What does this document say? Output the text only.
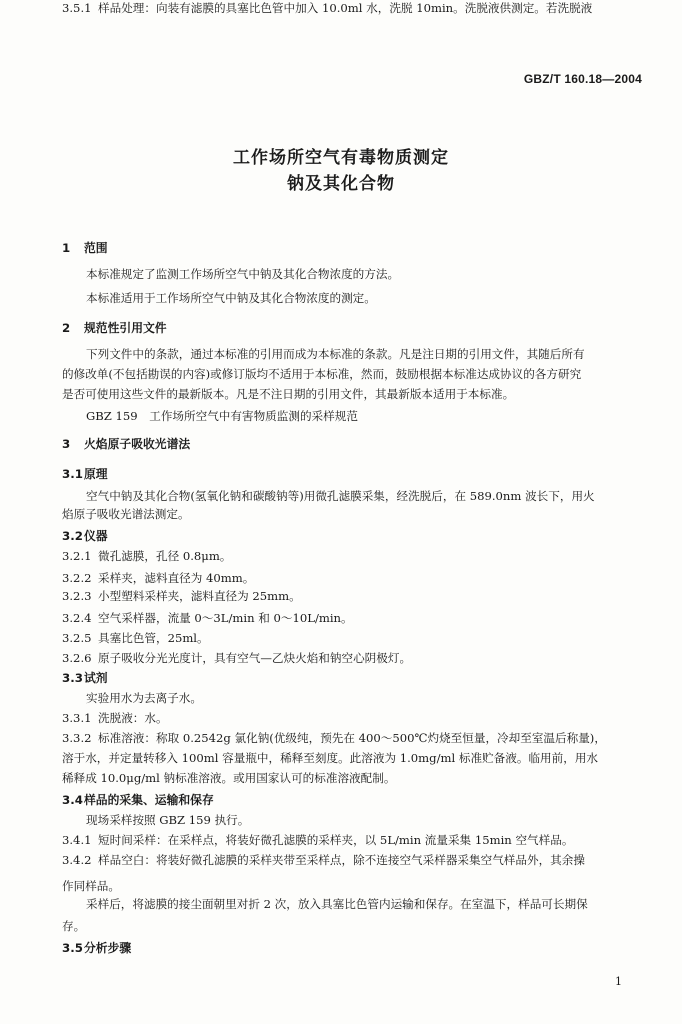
GBZ/T 160.18—2004
工作场所空气有毒物质测定
钠及其化合物
1 范围
本标准规定了监测工作场所空气中钠及其化合物浓度的方法。
本标准适用于工作场所空气中钠及其化合物浓度的测定。
2 规范性引用文件
下列文件中的条款，通过本标准的引用而成为本标准的条款。凡是注日期的引用文件，其随后所有
的修改单(不包括勘误的内容)或修订版均不适用于本标准，然而，鼓励根据本标准达成协议的各方研究
是否可使用这些文件的最新版本。凡是不注日期的引用文件，其最新版本适用于本标准。
GBZ 159　工作场所空气中有害物质监测的采样规范
3 火焰原子吸收光谱法
3.1原理
空气中钠及其化合物(氢氧化钠和碳酸钠等)用微孔滤膜采集，经洗脱后，在 589.0nm 波长下，用火
焰原子吸收光谱法测定。
3.2仪器
3.2.1 微孔滤膜，孔径 0.8μm。
3.2.2 采样夹，滤料直径为 40mm。
3.2.3 小型塑料采样夹，滤料直径为 25mm。
3.2.4 空气采样器，流量 0～3L/min 和 0～10L/min。
3.2.5 具塞比色管，25ml。
3.2.6 原子吸收分光光度计，具有空气—乙炔火焰和钠空心阴极灯。
3.3试剂
实验用水为去离子水。
3.3.1 洗脱液：水。
3.3.2 标准溶液：称取 0.2542g 氯化钠(优级纯，预先在 400～500℃灼烧至恒量，冷却至室温后称量)，
溶于水，并定量转移入 100ml 容量瓶中，稀释至刻度。此溶液为 1.0mg/ml 标准贮备液。临用前，用水
稀释成 10.0μg/ml 钠标准溶液。或用国家认可的标准溶液配制。
3.4样品的采集、运输和保存
现场采样按照 GBZ 159 执行。
3.4.1 短时间采样：在采样点，将装好微孔滤膜的采样夹，以 5L/min 流量采集 15min 空气样品。
3.4.2 样品空白：将装好微孔滤膜的采样夹带至采样点，除不连接空气采样器采集空气样品外，其余操
作同样品。
采样后，将滤膜的接尘面朝里对折 2 次，放入具塞比色管内运输和保存。在室温下，样品可长期保
存。
3.5分析步骤
3.5.1 样品处理：向装有滤膜的具塞比色管中加入 10.0ml 水，洗脱 10min。洗脱液供测定。若洗脱液
1
